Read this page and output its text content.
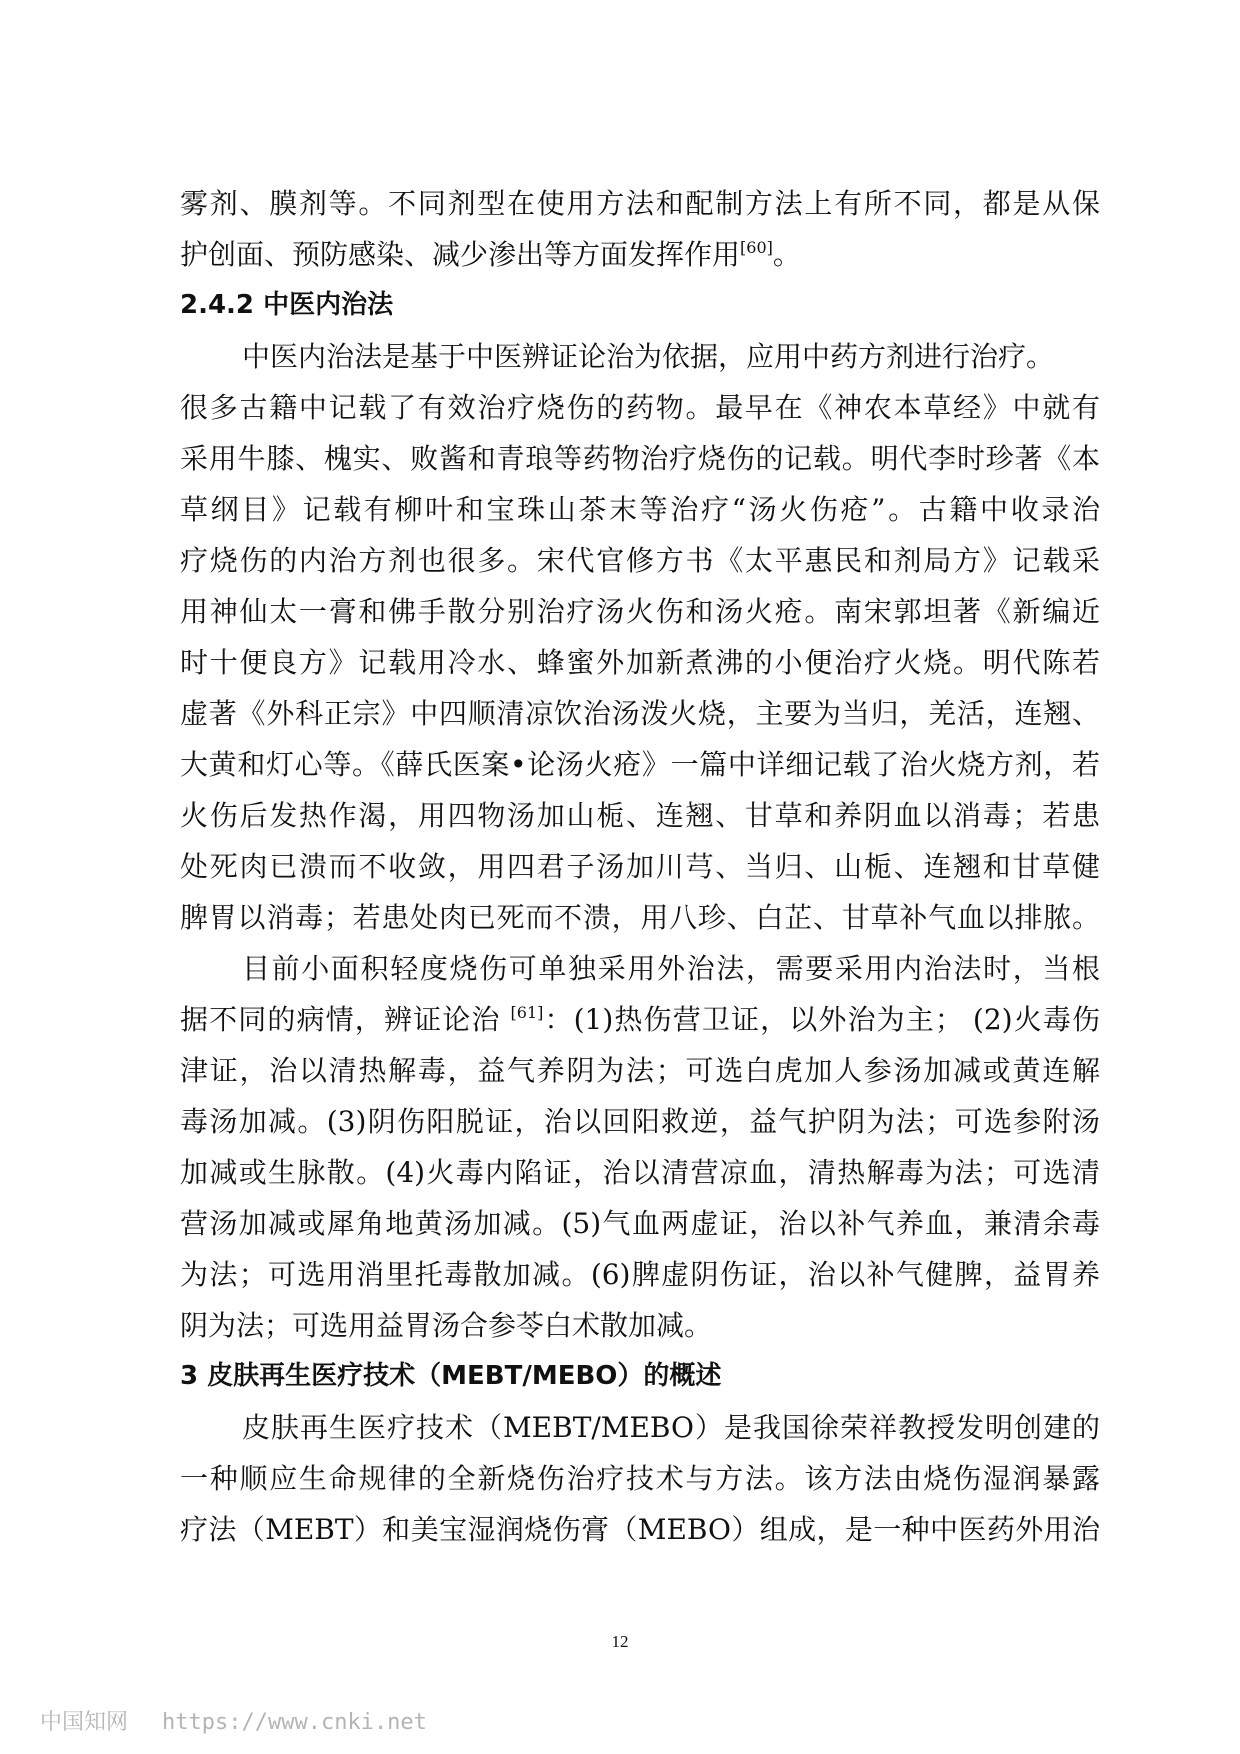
雾剂、膜剂等。不同剂型在使用方法和配制方法上有所不同，都是从保
护创面、预防感染、减少渗出等方面发挥作用[60]。
2.4.2 中医内治法
中医内治法是基于中医辨证论治为依据，应用中药方剂进行治疗。
很多古籍中记载了有效治疗烧伤的药物。最早在《神农本草经》中就有
采用牛膝、槐实、败酱和青琅等药物治疗烧伤的记载。明代李时珍著《本
草纲目》记载有柳叶和宝珠山茶末等治疗“汤火伤疮”。古籍中收录治
疗烧伤的内治方剂也很多。宋代官修方书《太平惠民和剂局方》记载采
用神仙太一膏和佛手散分别治疗汤火伤和汤火疮。南宋郭坦著《新编近
时十便良方》记载用冷水、蜂蜜外加新煮沸的小便治疗火烧。明代陈若
虚著《外科正宗》中四顺清凉饮治汤泼火烧，主要为当归，羌活，连翘、
大黄和灯心等。《薛氏医案•论汤火疮》一篇中详细记载了治火烧方剂，若
火伤后发热作渴，用四物汤加山栀、连翘、甘草和养阴血以消毒；若患
处死肉已溃而不收敛，用四君子汤加川芎、当归、山栀、连翘和甘草健
脾胃以消毒；若患处肉已死而不溃，用八珍、白芷、甘草补气血以排脓。
目前小面积轻度烧伤可单独采用外治法，需要采用内治法时，当根
据不同的病情，辨证论治 [61]：(1)热伤营卫证，以外治为主； (2)火毒伤
津证，治以清热解毒，益气养阴为法；可选白虎加人参汤加减或黄连解
毒汤加减。(3)阴伤阳脱证，治以回阳救逆，益气护阴为法；可选参附汤
加减或生脉散。(4)火毒内陷证，治以清营凉血，清热解毒为法；可选清
营汤加减或犀角地黄汤加减。(5)气血两虚证，治以补气养血，兼清余毒
为法；可选用消里托毒散加减。(6)脾虚阴伤证，治以补气健脾，益胃养
阴为法；可选用益胃汤合参苓白术散加减。
3 皮肤再生医疗技术（MEBT/MEBO）的概述
皮肤再生医疗技术（MEBT/MEBO）是我国徐荣祥教授发明创建的
一种顺应生命规律的全新烧伤治疗技术与方法。该方法由烧伤湿润暴露
疗法（MEBT）和美宝湿润烧伤膏（MEBO）组成，是一种中医药外用治
12
中国知网 https://www.cnki.net
